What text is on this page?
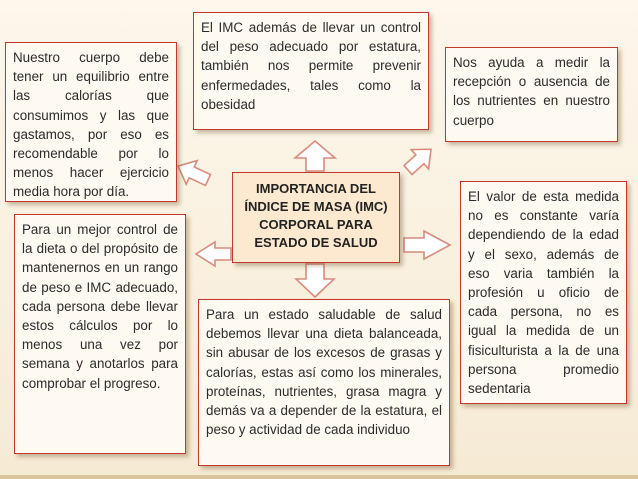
IMPORTANCIA DEL ÍNDICE DE MASA (IMC) CORPORAL PARA ESTADO DE SALUD
El IMC además de llevar un control del peso adecuado por estatura, también nos permite prevenir enfermedades, tales como la obesidad
Nuestro cuerpo debe tener un equilibrio entre las calorías que consumimos y las que gastamos, por eso es recomendable por lo menos hacer ejercicio media hora por día.
Nos ayuda a medir la recepción o ausencia de los nutrientes en nuestro cuerpo
Para un mejor control de la dieta o del propósito de mantenernos en un rango de peso e IMC adecuado, cada persona debe llevar estos cálculos por lo menos una vez por semana y anotarlos para comprobar el progreso.
El valor de esta medida no es constante varía dependiendo de la edad y el sexo, además de eso varia también la profesión u oficio de cada persona, no es igual la medida de un fisiculturista a la de una persona promedio sedentaria
Para un estado saludable de salud debemos llevar una dieta balanceada, sin abusar de los excesos de grasas y calorías, estas así como los minerales, proteínas, nutrientes, grasa magra y demás va a depender de la estatura, el peso y actividad de cada individuo
